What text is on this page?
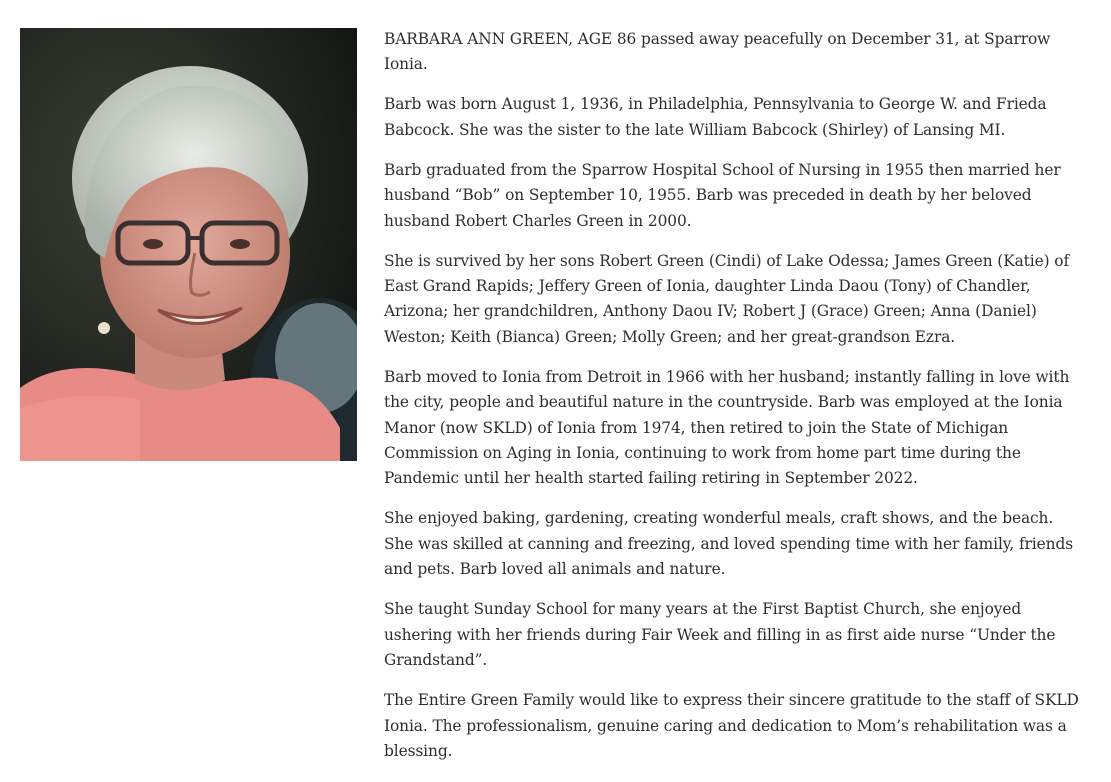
BARBARA ANN GREEN, AGE 86 passed away peacefully on December 31, at Sparrow Ionia.

Barb was born August 1, 1936, in Philadelphia, Pennsylvania to George W. and Frieda Babcock. She was the sister to the late William Babcock (Shirley) of Lansing MI.

Barb graduated from the Sparrow Hospital School of Nursing in 1955 then married her husband “Bob” on September 10, 1955. Barb was preceded in death by her beloved husband Robert Charles Green in 2000.

She is survived by her sons Robert Green (Cindi) of Lake Odessa; James Green (Katie) of East Grand Rapids; Jeffery Green of Ionia, daughter Linda Daou (Tony) of Chandler, Arizona; her grandchildren, Anthony Daou IV; Robert J (Grace) Green; Anna (Daniel) Weston; Keith (Bianca) Green; Molly Green; and her great-grandson Ezra.

Barb moved to Ionia from Detroit in 1966 with her husband; instantly falling in love with the city, people and beautiful nature in the countryside. Barb was employed at the Ionia Manor (now SKLD) of Ionia from 1974, then retired to join the State of Michigan Commission on Aging in Ionia, continuing to work from home part time during the Pandemic until her health started failing retiring in September 2022.

She enjoyed baking, gardening, creating wonderful meals, craft shows, and the beach. She was skilled at canning and freezing, and loved spending time with her family, friends and pets. Barb loved all animals and nature.

She taught Sunday School for many years at the First Baptist Church, she enjoyed ushering with her friends during Fair Week and filling in as first aide nurse “Under the Grandstand”.

The Entire Green Family would like to express their sincere gratitude to the staff of SKLD Ionia. The professionalism, genuine caring and dedication to Mom’s rehabilitation was a blessing.
